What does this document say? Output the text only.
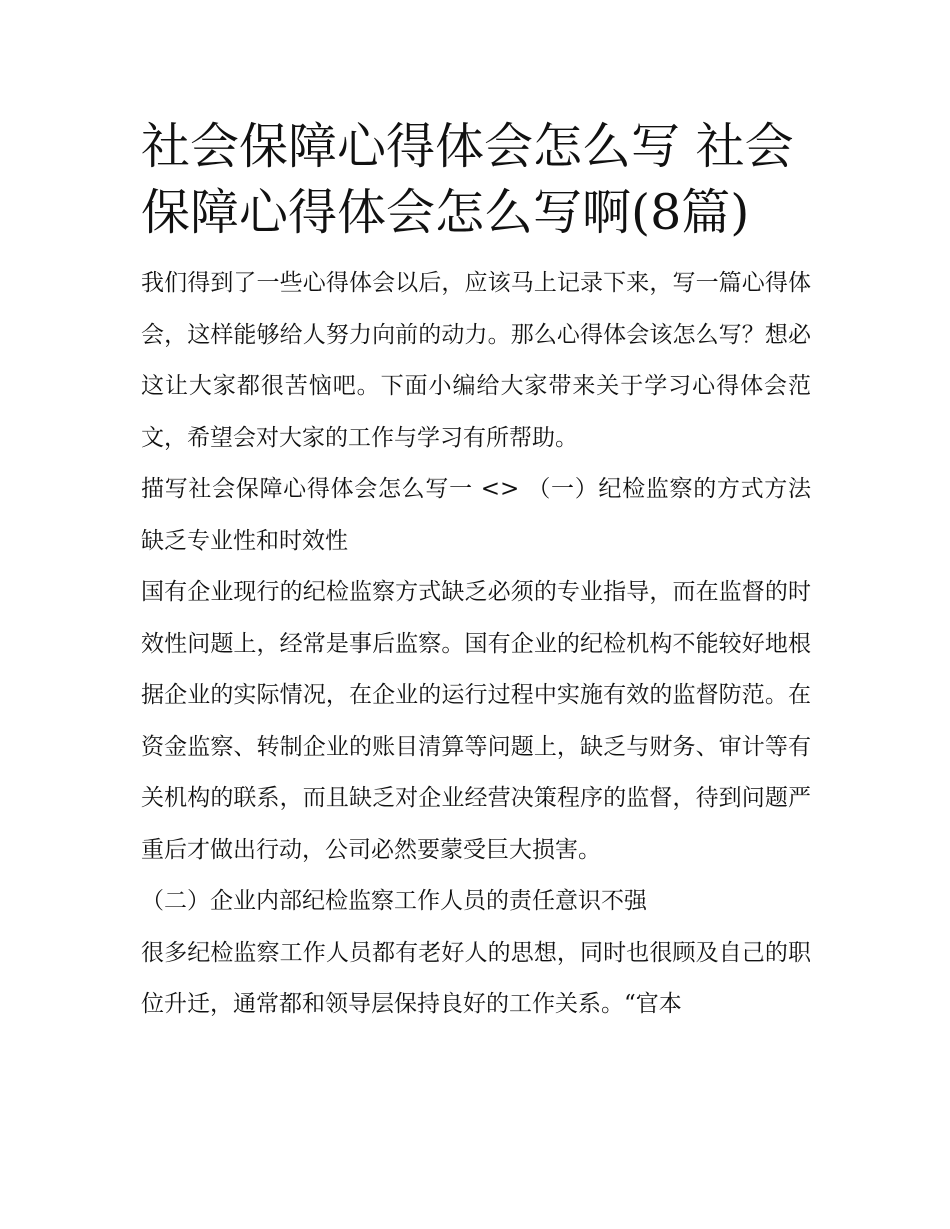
社会保障心得体会怎么写 社会保障心得体会怎么写啊(8篇)

我们得到了一些心得体会以后，应该马上记录下来，写一篇心得体会，这样能够给人努力向前的动力。那么心得体会该怎么写？想必这让大家都很苦恼吧。下面小编给大家带来关于学习心得体会范文，希望会对大家的工作与学习有所帮助。

描写社会保障心得体会怎么写一 <> （一）纪检监察的方式方法缺乏专业性和时效性

国有企业现行的纪检监察方式缺乏必须的专业指导，而在监督的时效性问题上，经常是事后监察。国有企业的纪检机构不能较好地根据企业的实际情况，在企业的运行过程中实施有效的监督防范。在资金监察、转制企业的账目清算等问题上，缺乏与财务、审计等有关机构的联系，而且缺乏对企业经营决策程序的监督，待到问题严重后才做出行动，公司必然要蒙受巨大损害。

（二）企业内部纪检监察工作人员的责任意识不强

很多纪检监察工作人员都有老好人的思想，同时也很顾及自己的职位升迁，通常都和领导层保持良好的工作关系。“官本
